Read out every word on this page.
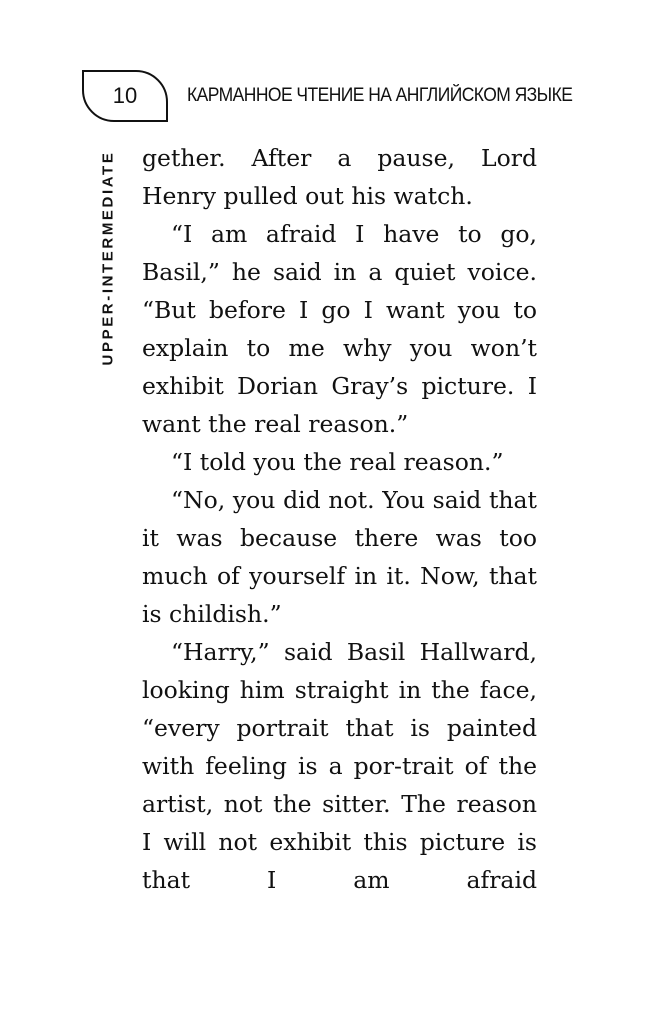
10	КАРМАННОЕ ЧТЕНИЕ НА АНГЛИЙСКОМ ЯЗЫКЕ
UPPER-INTERMEDIATE gether. After a pause, Lord Henry pulled out his watch.

“I am afraid I have to go, Basil,” he said in a quiet voice. “But before I go I want you to explain to me why you won’t exhibit Dorian Gray’s picture. I want the real reason.”

“I told you the real reason.”

“No, you did not. You said that it was because there was too much of yourself in it. Now, that is childish.”

“Harry,” said Basil Hallward, looking him straight in the face, “every portrait that is painted with feeling is a por-trait of the artist, not the sitter. The reason I will not exhibit this picture is that I am afraid
